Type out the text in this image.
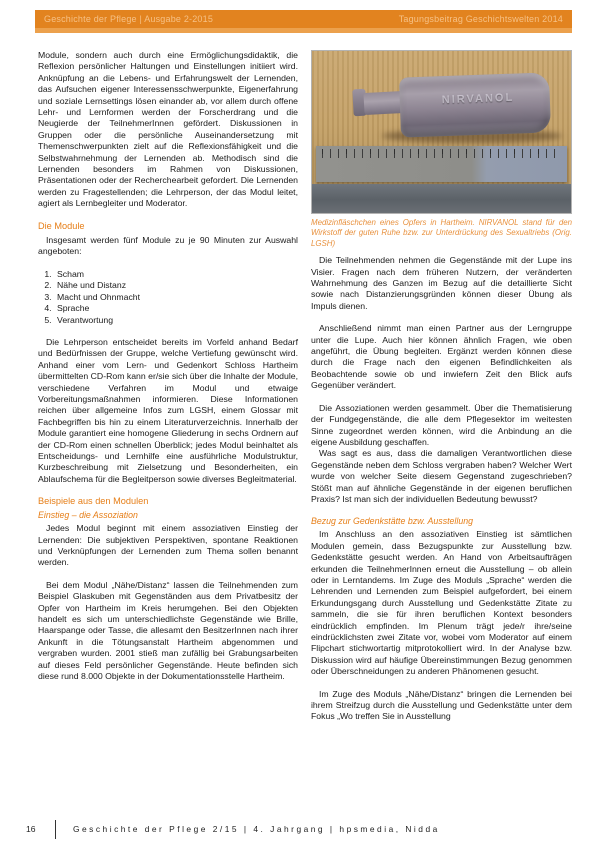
Geschichte der Pflege | Ausgabe 2-2015	Tagungsbeitrag Geschichtswelten 2014

Module, sondern auch durch eine Ermöglichungsdidaktik, die Reflexion persönlicher Haltungen und Einstellungen initiiert wird. Anknüpfung an die Lebens- und Erfahrungswelt der Lernenden, das Aufsuchen eigener Interessensschwerpunkte, Eigenerfahrung und soziale Lernsettings lösen einander ab, vor allem durch offene Lehr- und Lernformen werden der Forscherdrang und die Neugierde der TeilnehmerInnen gefördert. Diskussionen in Gruppen oder die persönliche Auseinandersetzung mit Themenschwerpunkten zielt auf die Reflexionsfähigkeit und die Selbstwahrnehmung der Lernenden ab. Methodisch sind die Lernenden besonders im Rahmen von Diskussionen, Präsentationen oder der Recherchearbeit gefordert. Die Lernenden werden zu Fragestellenden; die Lehrperson, der das Modul leitet, agiert als Lernbegleiter und Moderator.

Die Module

Insgesamt werden fünf Module zu je 90 Minuten zur Auswahl angeboten:

1. Scham
2. Nähe und Distanz
3. Macht und Ohnmacht
4. Sprache
5. Verantwortung

Die Lehrperson entscheidet bereits im Vorfeld anhand Bedarf und Bedürfnissen der Gruppe, welche Vertiefung gewünscht wird. Anhand einer vom Lern- und Gedenkort Schloss Hartheim übermittelten CD-Rom kann er/sie sich über die Inhalte der Module, verschiedene Verfahren im Modul und etwaige Vorbereitungsmaßnahmen informieren. Diese Informationen reichen über allgemeine Infos zum LGSH, einem Glossar mit Fachbegriffen bis hin zu einem Literaturverzeichnis. Innerhalb der Module garantiert eine homogene Gliederung in sechs Ordnern auf der CD-Rom einen schnellen Überblick; jedes Modul beinhaltet als Entscheidungs- und Lernhilfe eine ausführliche Modulstruktur, Kurzbeschreibung mit Zielsetzung und Besonderheiten, ein Ablaufschema für die Begleitperson sowie diverses Begleitmaterial.

Beispiele aus den Modulen
Einstieg – die Assoziation

Jedes Modul beginnt mit einem assoziativen Einstieg der Lernenden: Die subjektiven Perspektiven, spontane Reaktionen und Verknüpfungen der Lernenden zum Thema sollen benannt werden.

Bei dem Modul „Nähe/Distanz“ lassen die Teilnehmenden zum Beispiel Glaskuben mit Gegenständen aus dem Privatbesitz der Opfer von Hartheim im Kreis herumgehen. Bei den Objekten handelt es sich um unterschiedlichste Gegenstände wie Brille, Haarspange oder Tasse, die allesamt den BesitzerInnen nach ihrer Ankunft in die Tötungsanstalt Hartheim abgenommen und vergraben wurden. 2001 stieß man zufällig bei Grabungsarbeiten auf dieses Feld persönlicher Gegenstände. Heute befinden sich diese rund 8.000 Objekte in der Dokumentationsstelle Hartheim.

NIRVANOL
Medizinfläschchen eines Opfers in Hartheim. NIRVANOL stand für den Wirkstoff der guten Ruhe bzw. zur Unterdrückung des Sexualtriebs (Orig. LGSH)

Die Teilnehmenden nehmen die Gegenstände mit der Lupe ins Visier. Fragen nach dem früheren Nutzern, der veränderten Wahrnehmung des Ganzen im Bezug auf die detaillierte Sicht sowie nach Distanzierungsgründen können dieser Übung als Impuls dienen.

Anschließend nimmt man einen Partner aus der Lerngruppe unter die Lupe. Auch hier können ähnlich Fragen, wie oben angeführt, die Übung begleiten. Ergänzt werden können diese durch die Frage nach den eigenen Befindlichkeiten als Beobachtende sowie ob und inwiefern Zeit den Blick aufs Gegenüber verändert.

Die Assoziationen werden gesammelt. Über die Thematisierung der Fundgegenstände, die alle dem Pflegesektor im weitesten Sinne zugeordnet werden können, wird die Anbindung an die eigene Ausbildung geschaffen.

Was sagt es aus, dass die damaligen Verantwortlichen diese Gegenstände neben dem Schloss vergraben haben? Welcher Wert wurde von welcher Seite diesem Gegenstand zugeschrieben? Stößt man auf ähnliche Gegenstände in der eigenen beruflichen Praxis? Ist man sich der individuellen Bedeutung bewusst?

Bezug zur Gedenkstätte bzw. Ausstellung

Im Anschluss an den assoziativen Einstieg ist sämtlichen Modulen gemein, dass Bezugspunkte zur Ausstellung bzw. Gedenkstätte gesucht werden. An Hand von Arbeitsaufträgen erkunden die TeilnehmerInnen erneut die Ausstellung – ob allein oder in Lerntandems. Im Zuge des Moduls „Sprache“ werden die Lehrenden und Lernenden zum Beispiel aufgefordert, bei einem Erkundungsgang durch Ausstellung und Gedenkstätte Zitate zu sammeln, die sie für ihren beruflichen Kontext besonders eindrücklich empfinden. Im Plenum trägt jede/r ihre/seine eindrücklichsten zwei Zitate vor, wobei vom Moderator auf einem Flipchart stichwortartig mitprotokolliert wird. In der Analyse bzw. Diskussion wird auf häufige Übereinstimmungen Bezug genommen oder Überschneidungen zu anderen Phänomenen gesucht.

Im Zuge des Moduls „Nähe/Distanz“ bringen die Lernenden bei ihrem Streifzug durch die Ausstellung und Gedenkstätte unter dem Fokus „Wo treffen Sie in Ausstellung

16	Geschichte der Pflege 2/15 | 4. Jahrgang | hpsmedia, Nidda
